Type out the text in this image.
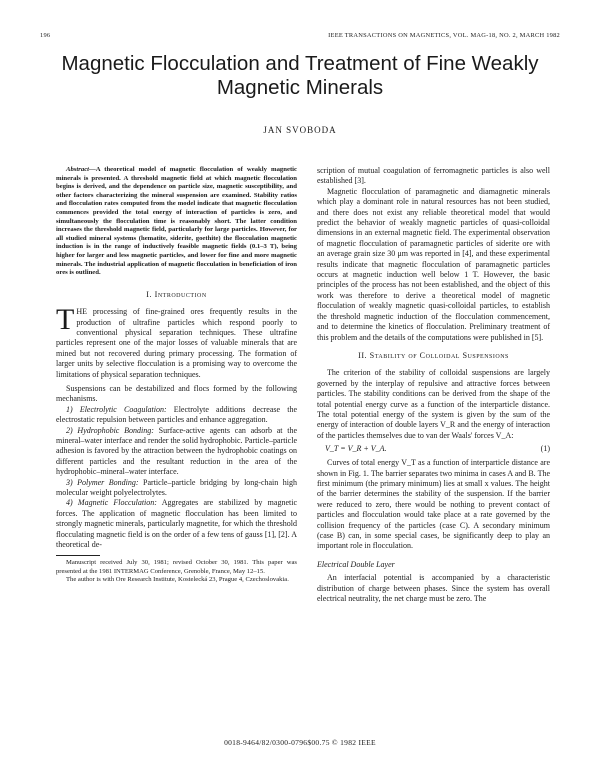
196	IEEE TRANSACTIONS ON MAGNETICS, VOL. MAG-18, NO. 2, MARCH 1982
Magnetic Flocculation and Treatment of Fine Weakly Magnetic Minerals
JAN SVOBODA

Abstract—A theoretical model of magnetic flocculation of weakly magnetic minerals is presented. A threshold magnetic field at which magnetic flocculation begins is derived, and the dependence on particle size, magnetic susceptibility, and other factors characterizing the mineral suspension are examined. Stability ratios and flocculation rates computed from the model indicate that magnetic flocculation commences provided the total energy of interaction of particles is zero, and simultaneously the flocculation time is reasonably short. The latter condition increases the threshold magnetic field, particularly for large particles. However, for all studied mineral systems (hematite, siderite, goethite) the flocculation magnetic induction is in the range of inductively feasible magnetic fields (0.1–3 T), being higher for larger and less magnetic particles, and lower for fine and more magnetic minerals. The industrial application of magnetic flocculation in beneficiation of iron ores is outlined.

I. Introduction

THE processing of fine-grained ores frequently results in the production of ultrafine particles which respond poorly to conventional physical separation techniques. These ultrafine particles represent one of the major losses of valuable minerals that are mined but not recovered during primary processing. The formation of larger units by selective flocculation is a promising way to overcome the limitations of physical separation techniques.

Suspensions can be destabilized and flocs formed by the following mechanisms.

1) Electrolytic Coagulation: Electrolyte additions decrease the electrostatic repulsion between particles and enhance aggregation.

2) Hydrophobic Bonding: Surface-active agents can adsorb at the mineral–water interface and render the solid hydrophobic. Particle–particle adhesion is favored by the attraction between the hydrophobic coatings on different particles and the resultant reduction in the area of the hydrophobic–mineral–water interface.

3) Polymer Bonding: Particle–particle bridging by long-chain high molecular weight polyelectrolytes.

4) Magnetic Flocculation: Aggregates are stabilized by magnetic forces. The application of magnetic flocculation has been limited to strongly magnetic minerals, particularly magnetite, for which the threshold flocculating magnetic field is on the order of a few tens of gauss [1], [2]. A theoretical de-

Manuscript received July 30, 1981; revised October 30, 1981. This paper was presented at the 1981 INTERMAG Conference, Grenoble, France, May 12–15.

The author is with Ore Research Institute, Kostelecká 23, Prague 4, Czechoslovakia.

scription of mutual coagulation of ferromagnetic particles is also well established [3].

Magnetic flocculation of paramagnetic and diamagnetic minerals which play a dominant role in natural resources has not been studied, and there does not exist any reliable theoretical model that would predict the behavior of weakly magnetic particles of quasi-colloidal dimensions in an external magnetic field. The experimental observation of magnetic flocculation of paramagnetic particles of siderite ore with an average grain size 30 μm was reported in [4], and these experimental results indicate that magnetic flocculation of paramagnetic particles occurs at magnetic induction well below 1 T. However, the basic principles of the process has not been established, and the object of this work was therefore to derive a theoretical model of magnetic flocculation of weakly magnetic quasi-colloidal particles, to establish the threshold magnetic induction of the flocculation commencement, and to determine the kinetics of flocculation. Preliminary treatment of this problem and the details of the computations were published in [5].

II. Stability of Colloidal Suspensions

The criterion of the stability of colloidal suspensions are largely governed by the interplay of repulsive and attractive forces between particles. The stability conditions can be derived from the shape of the total potential energy curve as a function of the interparticle distance. The total potential energy of the system is given by the sum of the energy of interaction of double layers V_R and the energy of interaction of the particles themselves due to van der Waals' forces V_A:

V_T = V_R + V_A.	(1)

Curves of total energy V_T as a function of interparticle distance are shown in Fig. 1. The barrier separates two minima in cases A and B. The first minimum (the primary minimum) lies at small x values. The height of the barrier determines the stability of the suspension. If the barrier were reduced to zero, there would be nothing to prevent contact of particles and flocculation would take place at a rate governed by the collision frequency of the particles (case C). A secondary minimum (case B) can, in some special cases, be significantly deep to play an important role in flocculation.

Electrical Double Layer

An interfacial potential is accompanied by a characteristic distribution of charge between phases. Since the system has overall electrical neutrality, the net charge must be zero. The

0018-9464/82/0300-0796$00.75 © 1982 IEEE
